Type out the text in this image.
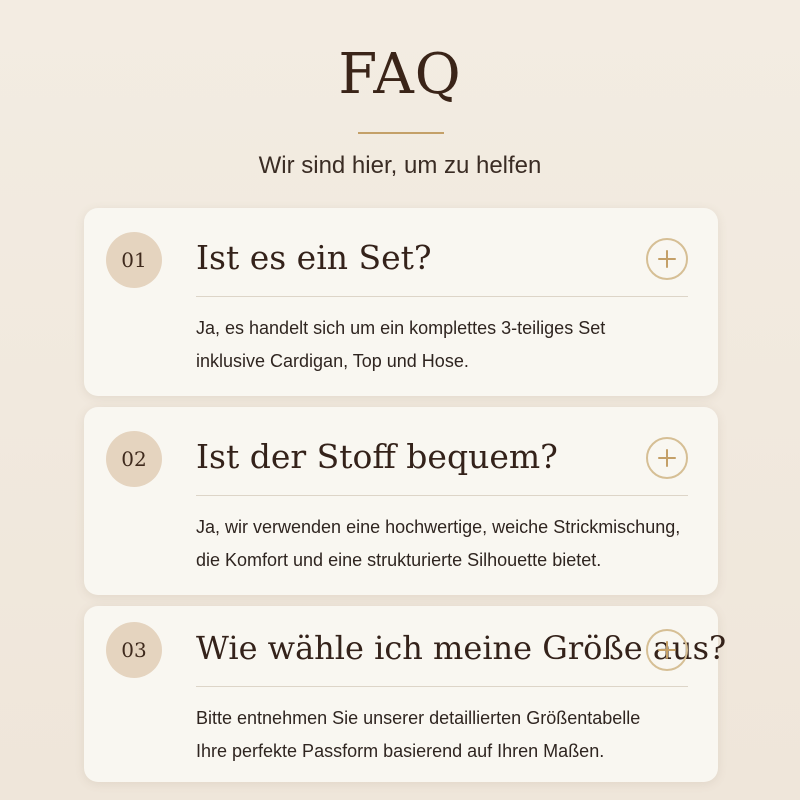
FAQ

Wir sind hier, um zu helfen

01	Ist es ein Set?
Ja, es handelt sich um ein komplettes 3-teiliges Set
inklusive Cardigan, Top und Hose.
02	Ist der Stoff bequem?
Ja, wir verwenden eine hochwertige, weiche Strickmischung,
die Komfort und eine strukturierte Silhouette bietet.
03	Wie wähle ich meine Größe aus?
Bitte entnehmen Sie unserer detaillierten Größentabelle
Ihre perfekte Passform basierend auf Ihren Maßen.
